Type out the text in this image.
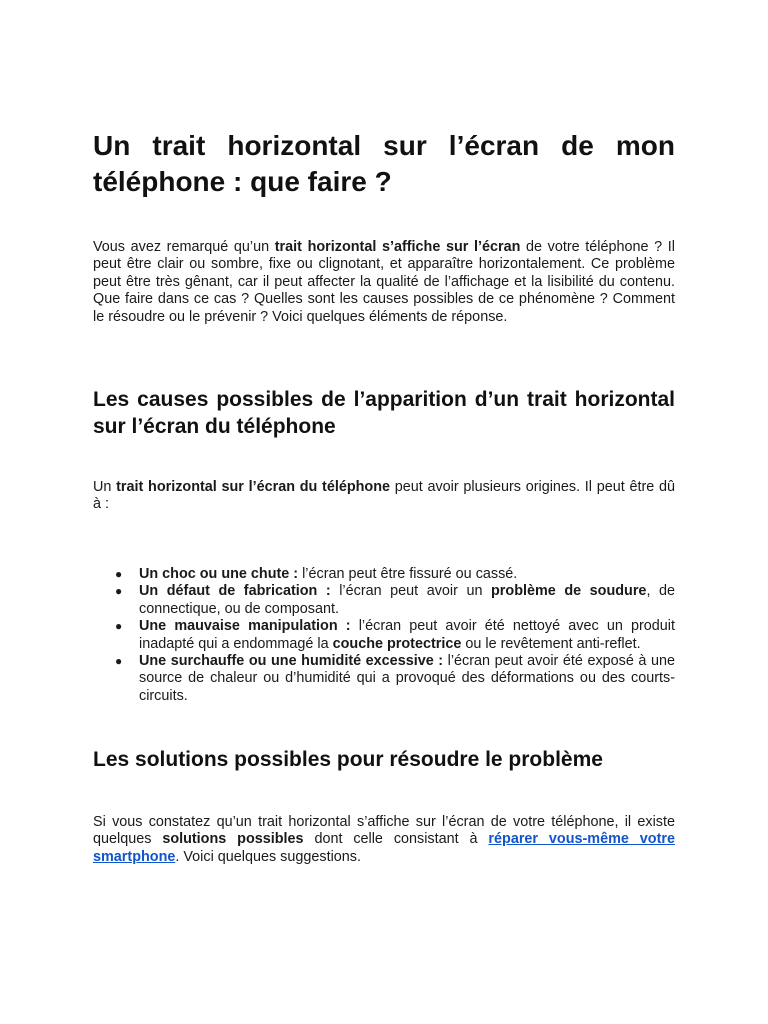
Un trait horizontal sur l’écran de mon téléphone : que faire ?

Vous avez remarqué qu’un trait horizontal s’affiche sur l’écran de votre téléphone ? Il peut être clair ou sombre, fixe ou clignotant, et apparaître horizontalement. Ce problème peut être très gênant, car il peut affecter la qualité de l’affichage et la lisibilité du contenu. Que faire dans ce cas ? Quelles sont les causes possibles de ce phénomène ? Comment le résoudre ou le prévenir ? Voici quelques éléments de réponse.

Les causes possibles de l’apparition d’un trait horizontal sur l’écran du téléphone

Un trait horizontal sur l’écran du téléphone peut avoir plusieurs origines. Il peut être dû à :

● Un choc ou une chute : l’écran peut être fissuré ou cassé.
● Un défaut de fabrication : l’écran peut avoir un problème de soudure, de connectique, ou de composant.
● Une mauvaise manipulation : l’écran peut avoir été nettoyé avec un produit inadapté qui a endommagé la couche protectrice ou le revêtement anti-reflet.
● Une surchauffe ou une humidité excessive : l’écran peut avoir été exposé à une source de chaleur ou d’humidité qui a provoqué des déformations ou des courts-circuits.
Les solutions possibles pour résoudre le problème

Si vous constatez qu’un trait horizontal s’affiche sur l’écran de votre téléphone, il existe quelques solutions possibles dont celle consistant à réparer vous-même votre smartphone. Voici quelques suggestions.
